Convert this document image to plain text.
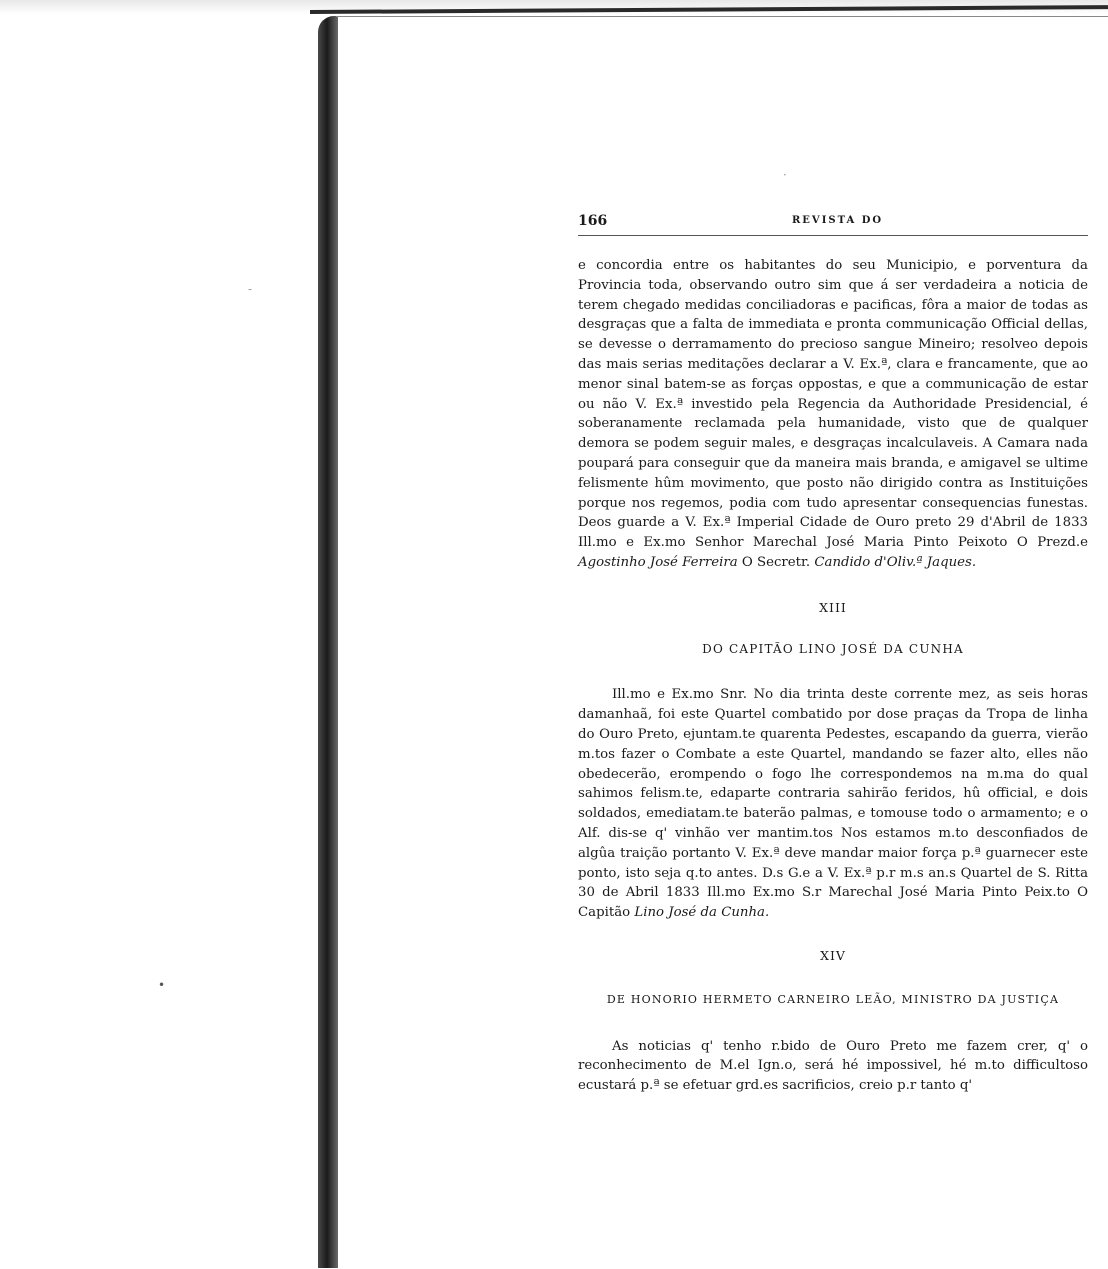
·
•
-
166	REVISTA DO

e concordia entre os habitantes do seu Municipio, e porventura da Provincia toda, observando outro sim que á ser verdadeira a noticia de terem chegado medidas conciliadoras e pacificas, fôra a maior de todas as desgraças que a falta de immediata e pronta communicação Official dellas, se devesse o derramamento do precioso sangue Mineiro; resolveo depois das mais serias meditações declarar a V. Ex.ª, clara e francamente, que ao menor sinal batem-se as forças oppostas, e que a communicação de estar ou não V. Ex.ª investido pela Regencia da Authoridade Presidencial, é soberanamente reclamada pela humanidade, visto que de qualquer demora se podem seguir males, e desgraças incalculaveis. A Camara nada poupará para conseguir que da maneira mais branda, e amigavel se ultime felismente hûm movimento, que posto não dirigido contra as Instituições porque nos regemos, podia com tudo apresentar consequencias funestas. Deos guarde a V. Ex.ª Imperial Cidade de Ouro preto 29 d'Abril de 1833 Ill.mo e Ex.mo Senhor Marechal José Maria Pinto Peixoto O Prezd.e Agostinho José Ferreira O Secretr. Candido d'Oliv.ª Jaques.

XIII

DO CAPITÃO LINO JOSÉ DA CUNHA

Ill.mo e Ex.mo Snr. No dia trinta deste corrente mez, as seis horas damanhaã, foi este Quartel combatido por dose praças da Tropa de linha do Ouro Preto, ejuntam.te quarenta Pedestes, escapando da guerra, vierão m.tos fazer o Combate a este Quartel, mandando se fazer alto, elles não obedecerão, erompendo o fogo lhe correspondemos na m.ma do qual sahimos felism.te, edaparte contraria sahirão feridos, hû official, e dois soldados, emediatam.te baterão palmas, e tomouse todo o armamento; e o Alf. dis-se q' vinhão ver mantim.tos Nos estamos m.to desconfiados de algûa traição portanto V. Ex.ª deve mandar maior força p.ª guarnecer este ponto, isto seja q.to antes. D.s G.e a V. Ex.ª p.r m.s an.s Quartel de S. Ritta 30 de Abril 1833 Ill.mo Ex.mo S.r Marechal José Maria Pinto Peix.to O Capitão Lino José da Cunha.

XIV

DE HONORIO HERMETO CARNEIRO LEÃO, MINISTRO DA JUSTIÇA

As noticias q' tenho r.bido de Ouro Preto me fazem crer, q' o reconhecimento de M.el Ign.o, será hé impossivel, hé m.to difficultoso ecustará p.ª se efetuar grd.es sacrificios, creio p.r tanto q'
